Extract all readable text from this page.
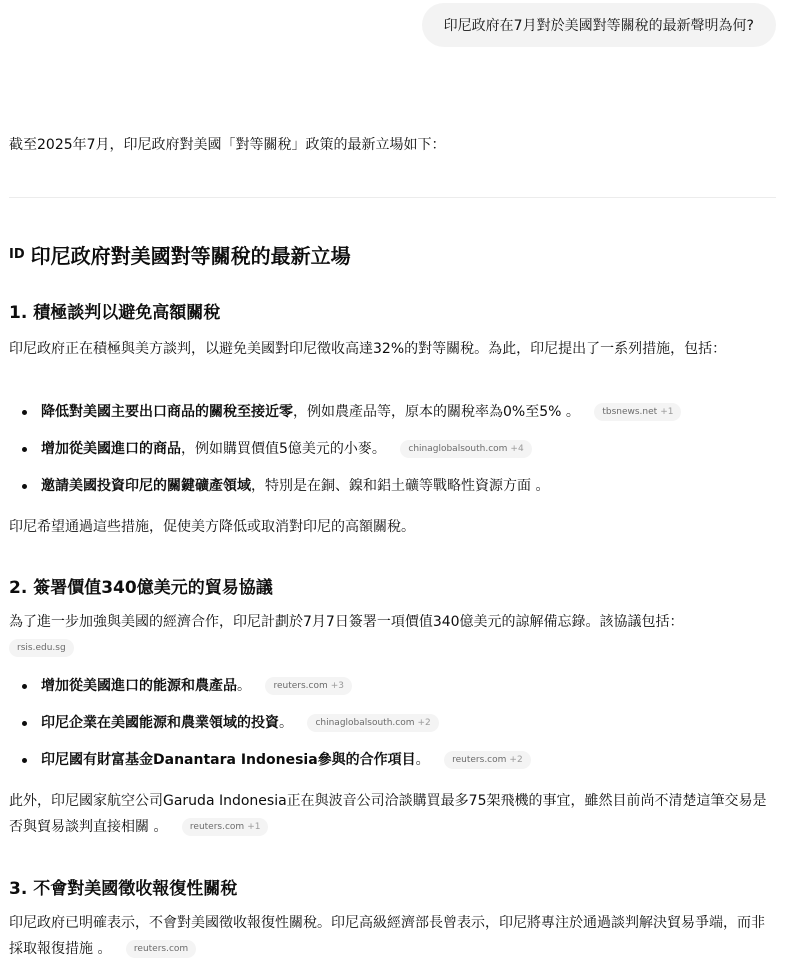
印尼政府在7月對於美國對等關稅的最新聲明為何?
截至2025年7月，印尼政府對美國「對等關稅」政策的最新立場如下：
ID 印尼政府對美國對等關稅的最新立場
1. 積極談判以避免高額關稅
印尼政府正在積極與美方談判，以避免美國對印尼徵收高達32%的對等關稅。為此，印尼提出了一系列措施，包括：
降低對美國主要出口商品的關稅至接近零，例如農產品等，原本的關稅率為0%至5% 。 tbsnews.net +1
增加從美國進口的商品，例如購買價值5億美元的小麥。 chinaglobalsouth.com +4
邀請美國投資印尼的關鍵礦產領域，特別是在銅、鎳和鋁土礦等戰略性資源方面 。
印尼希望通過這些措施，促使美方降低或取消對印尼的高額關稅。
2. 簽署價值340億美元的貿易協議
為了進一步加強與美國的經濟合作，印尼計劃於7月7日簽署一項價值340億美元的諒解備忘錄。該協議包括：
rsis.edu.sg
增加從美國進口的能源和農產品。 reuters.com +3
印尼企業在美國能源和農業領域的投資。 chinaglobalsouth.com +2
印尼國有財富基金Danantara Indonesia參與的合作項目。 reuters.com +2
此外，印尼國家航空公司Garuda Indonesia正在與波音公司洽談購買最多75架飛機的事宜，雖然目前尚不清楚這筆交易是否與貿易談判直接相關 。 reuters.com +1
3. 不會對美國徵收報復性關稅
印尼政府已明確表示，不會對美國徵收報復性關稅。印尼高級經濟部長曾表示，印尼將專注於通過談判解決貿易爭端，而非採取報復措施 。 reuters.com
